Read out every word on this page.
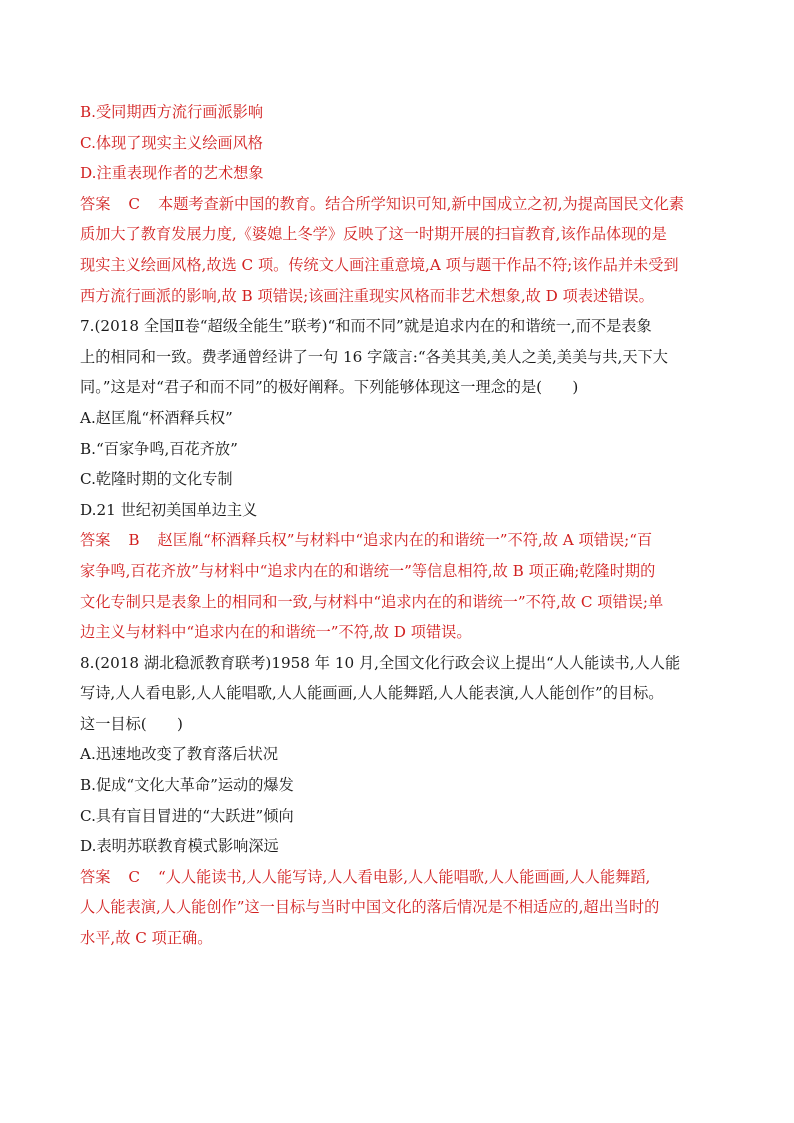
B.受同期西方流行画派影响
C.体现了现实主义绘画风格
D.注重表现作者的艺术想象
答案 C 本题考查新中国的教育。结合所学知识可知,新中国成立之初,为提高国民文化素
质加大了教育发展力度,《婆媳上冬学》反映了这一时期开展的扫盲教育,该作品体现的是
现实主义绘画风格,故选 C 项。传统文人画注重意境,A 项与题干作品不符;该作品并未受到
西方流行画派的影响,故 B 项错误;该画注重现实风格而非艺术想象,故 D 项表述错误。
7.(2018 全国Ⅱ卷“超级全能生”联考)“和而不同”就是追求内在的和谐统一,而不是表象
上的相同和一致。费孝通曾经讲了一句 16 字箴言:“各美其美,美人之美,美美与共,天下大
同。”这是对“君子和而不同”的极好阐释。下列能够体现这一理念的是(　　)
A.赵匡胤“杯酒释兵权”
B.“百家争鸣,百花齐放”
C.乾隆时期的文化专制
D.21 世纪初美国单边主义
答案 B 赵匡胤“杯酒释兵权”与材料中“追求内在的和谐统一”不符,故 A 项错误;“百
家争鸣,百花齐放”与材料中“追求内在的和谐统一”等信息相符,故 B 项正确;乾隆时期的
文化专制只是表象上的相同和一致,与材料中“追求内在的和谐统一”不符,故 C 项错误;单
边主义与材料中“追求内在的和谐统一”不符,故 D 项错误。
8.(2018 湖北稳派教育联考)1958 年 10 月,全国文化行政会议上提出“人人能读书,人人能
写诗,人人看电影,人人能唱歌,人人能画画,人人能舞蹈,人人能表演,人人能创作”的目标。
这一目标(　　)
A.迅速地改变了教育落后状况
B.促成“文化大革命”运动的爆发
C.具有盲目冒进的“大跃进”倾向
D.表明苏联教育模式影响深远
答案 C “人人能读书,人人能写诗,人人看电影,人人能唱歌,人人能画画,人人能舞蹈,
人人能表演,人人能创作”这一目标与当时中国文化的落后情况是不相适应的,超出当时的
水平,故 C 项正确。
